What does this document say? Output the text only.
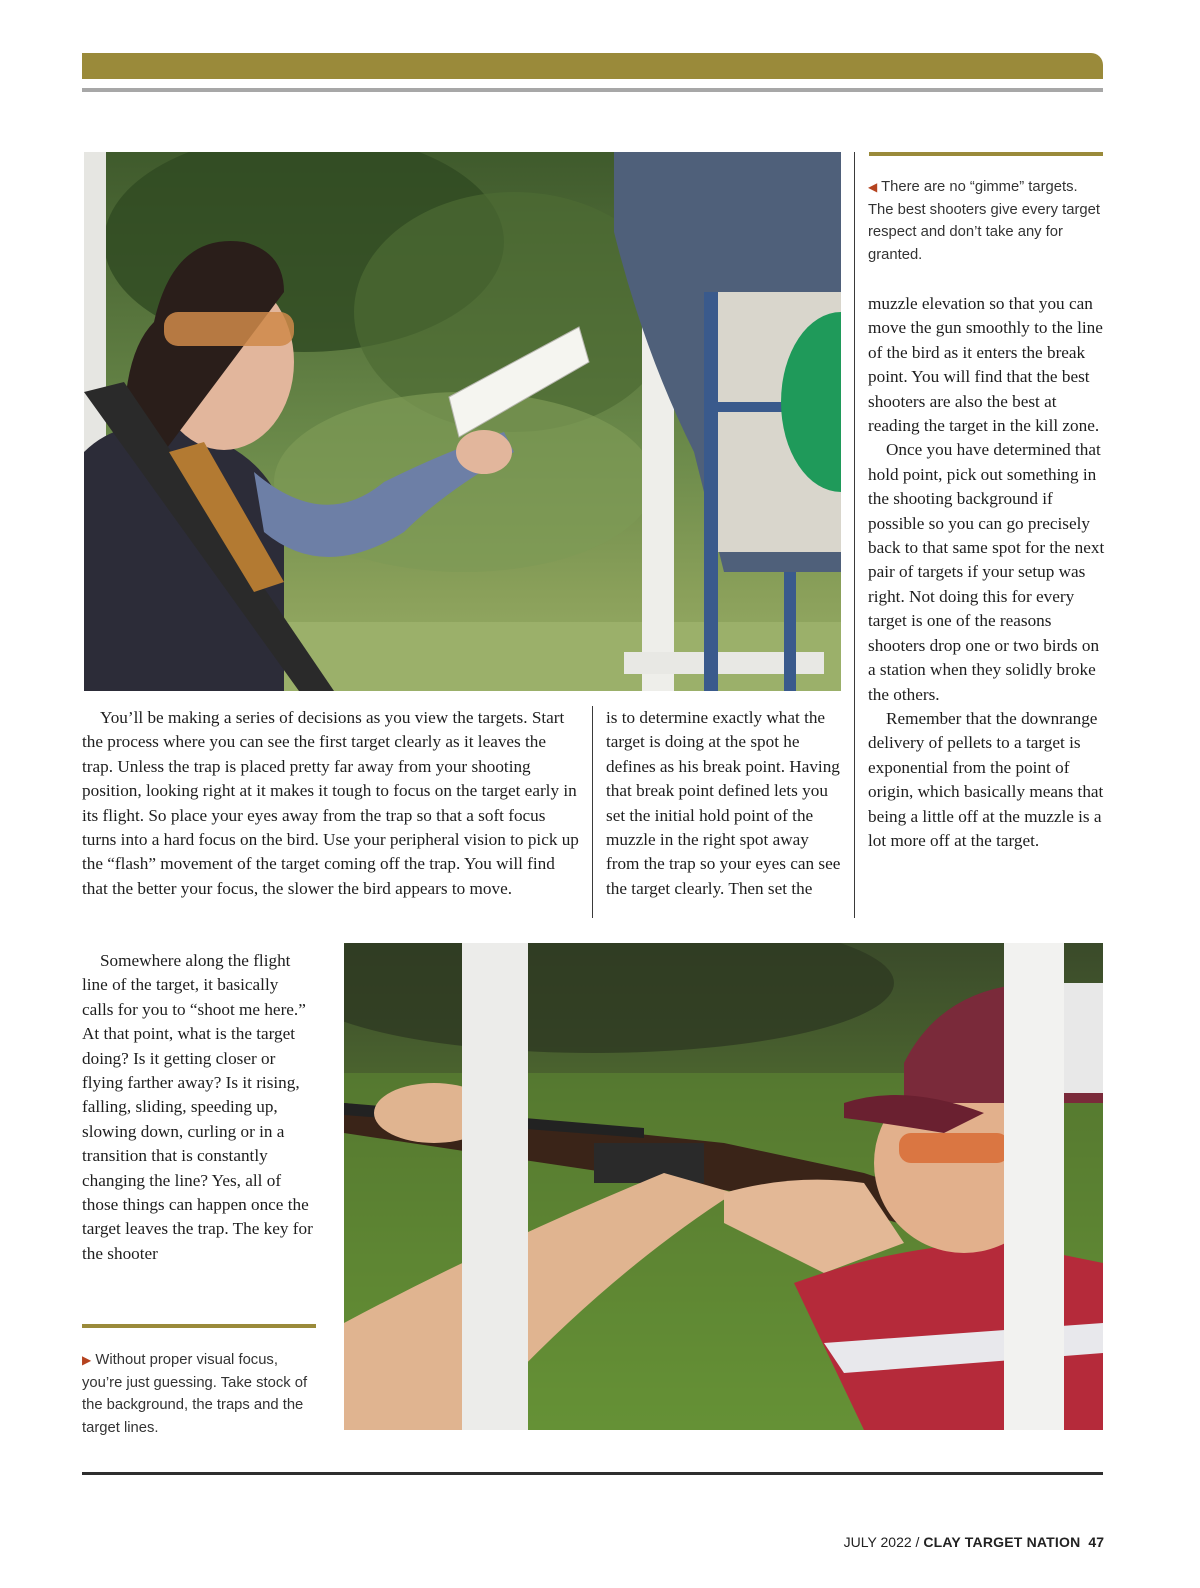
◀ There are no “gimme” targets. The best shooters give every target respect and don’t take any for granted.

muzzle elevation so that you can move the gun smoothly to the line of the bird as it enters the break point. You will find that the best shooters are also the best at reading the target in the kill zone.

Once you have determined that hold point, pick out something in the shooting background if possible so you can go precisely back to that same spot for the next pair of targets if your setup was right. Not doing this for every target is one of the reasons shooters drop one or two birds on a station when they solidly broke the others.

Remember that the downrange delivery of pellets to a target is exponential from the point of origin, which basically means that being a little off at the muzzle is a lot more off at the target.

You’ll be making a series of decisions as you view the targets. Start the process where you can see the first target clearly as it leaves the trap. Unless the trap is placed pretty far away from your shooting position, looking right at it makes it tough to focus on the target early in its flight. So place your eyes away from the trap so that a soft focus turns into a hard focus on the bird. Use your peripheral vision to pick up the “flash” movement of the target coming off the trap. You will find that the better your focus, the slower the bird appears to move.

is to determine exactly what the target is doing at the spot he defines as his break point. Having that break point defined lets you set the initial hold point of the muzzle in the right spot away from the trap so your eyes can see the target clearly. Then set the

Somewhere along the flight line of the target, it basically calls for you to “shoot me here.” At that point, what is the target doing? Is it getting closer or flying farther away? Is it rising, falling, sliding, speeding up, slowing down, curling or in a transition that is constantly changing the line? Yes, all of those things can happen once the target leaves the trap. The key for the shooter

▶ Without proper visual focus, you’re just guessing. Take stock of the background, the traps and the target lines.

JULY 2022 / CLAY TARGET NATION 47
